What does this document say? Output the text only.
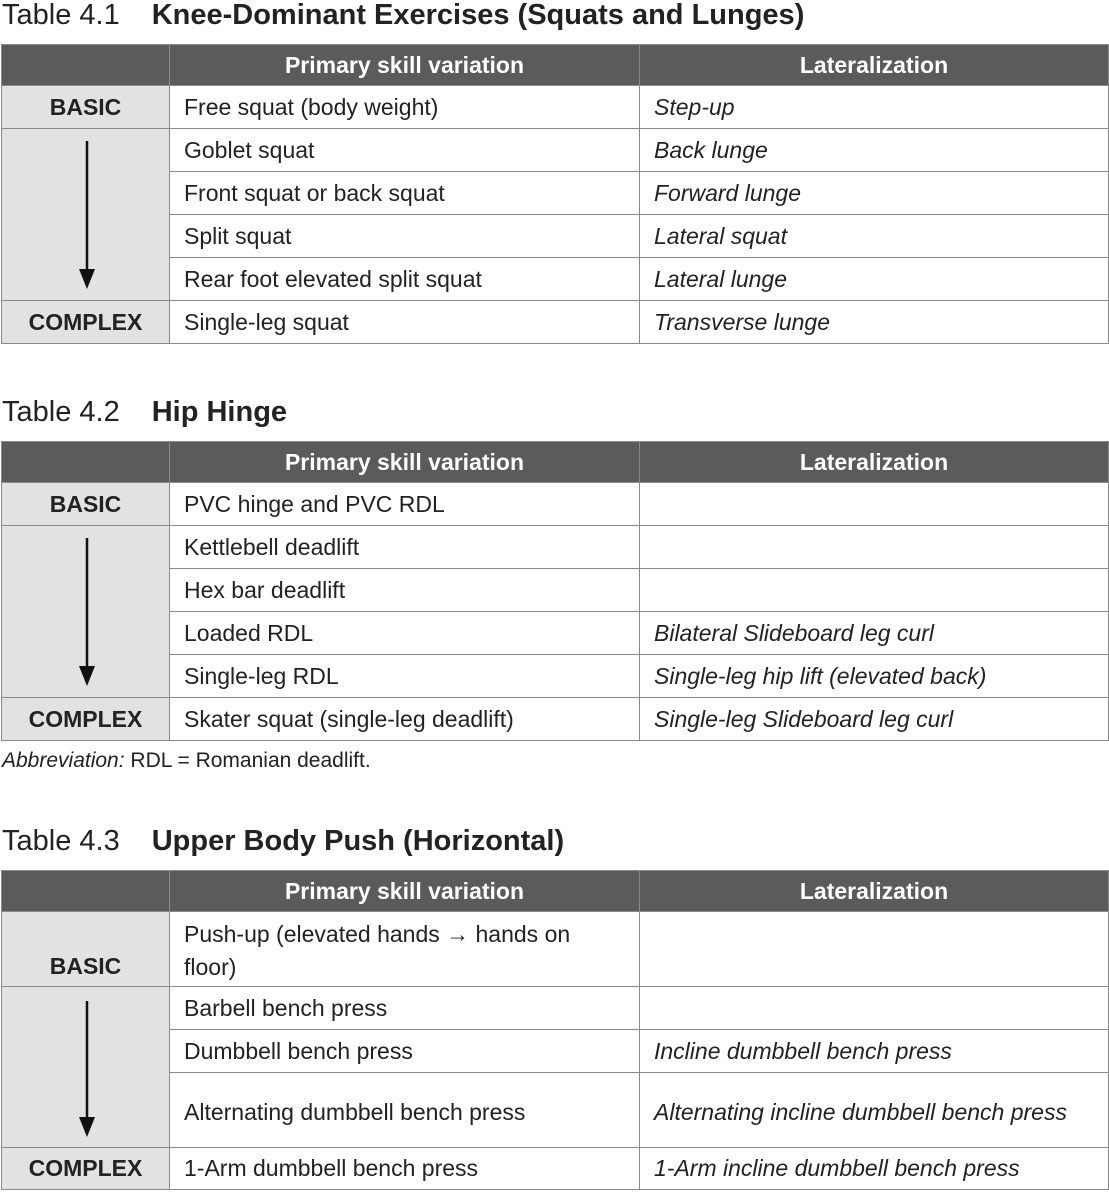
Table 4.1 Knee-Dominant Exercises (Squats and Lunges)
	Primary skill variation	Lateralization
BASIC	Free squat (body weight)	Step-up

	Goblet squat	Back lunge
	Front squat or back squat	Forward lunge
	Split squat	Lateral squat
	Rear foot elevated split squat	Lateral lunge
COMPLEX	Single-leg squat	Transverse lunge
Table 4.2 Hip Hinge
	Primary skill variation	Lateralization
BASIC	PVC hinge and PVC RDL	

	Kettlebell deadlift	
	Hex bar deadlift	
	Loaded RDL	Bilateral Slideboard leg curl
	Single-leg RDL	Single-leg hip lift (elevated back)
COMPLEX	Skater squat (single-leg deadlift)	Single-leg Slideboard leg curl
Abbreviation: RDL = Romanian deadlift.
Table 4.3 Upper Body Push (Horizontal)
	Primary skill variation	Lateralization
BASIC	Push-up (elevated hands → hands on floor)	

	Barbell bench press	
	Dumbbell bench press	Incline dumbbell bench press
	Alternating dumbbell bench press	Alternating incline dumbbell bench press
COMPLEX	1-Arm dumbbell bench press	1-Arm incline dumbbell bench press
